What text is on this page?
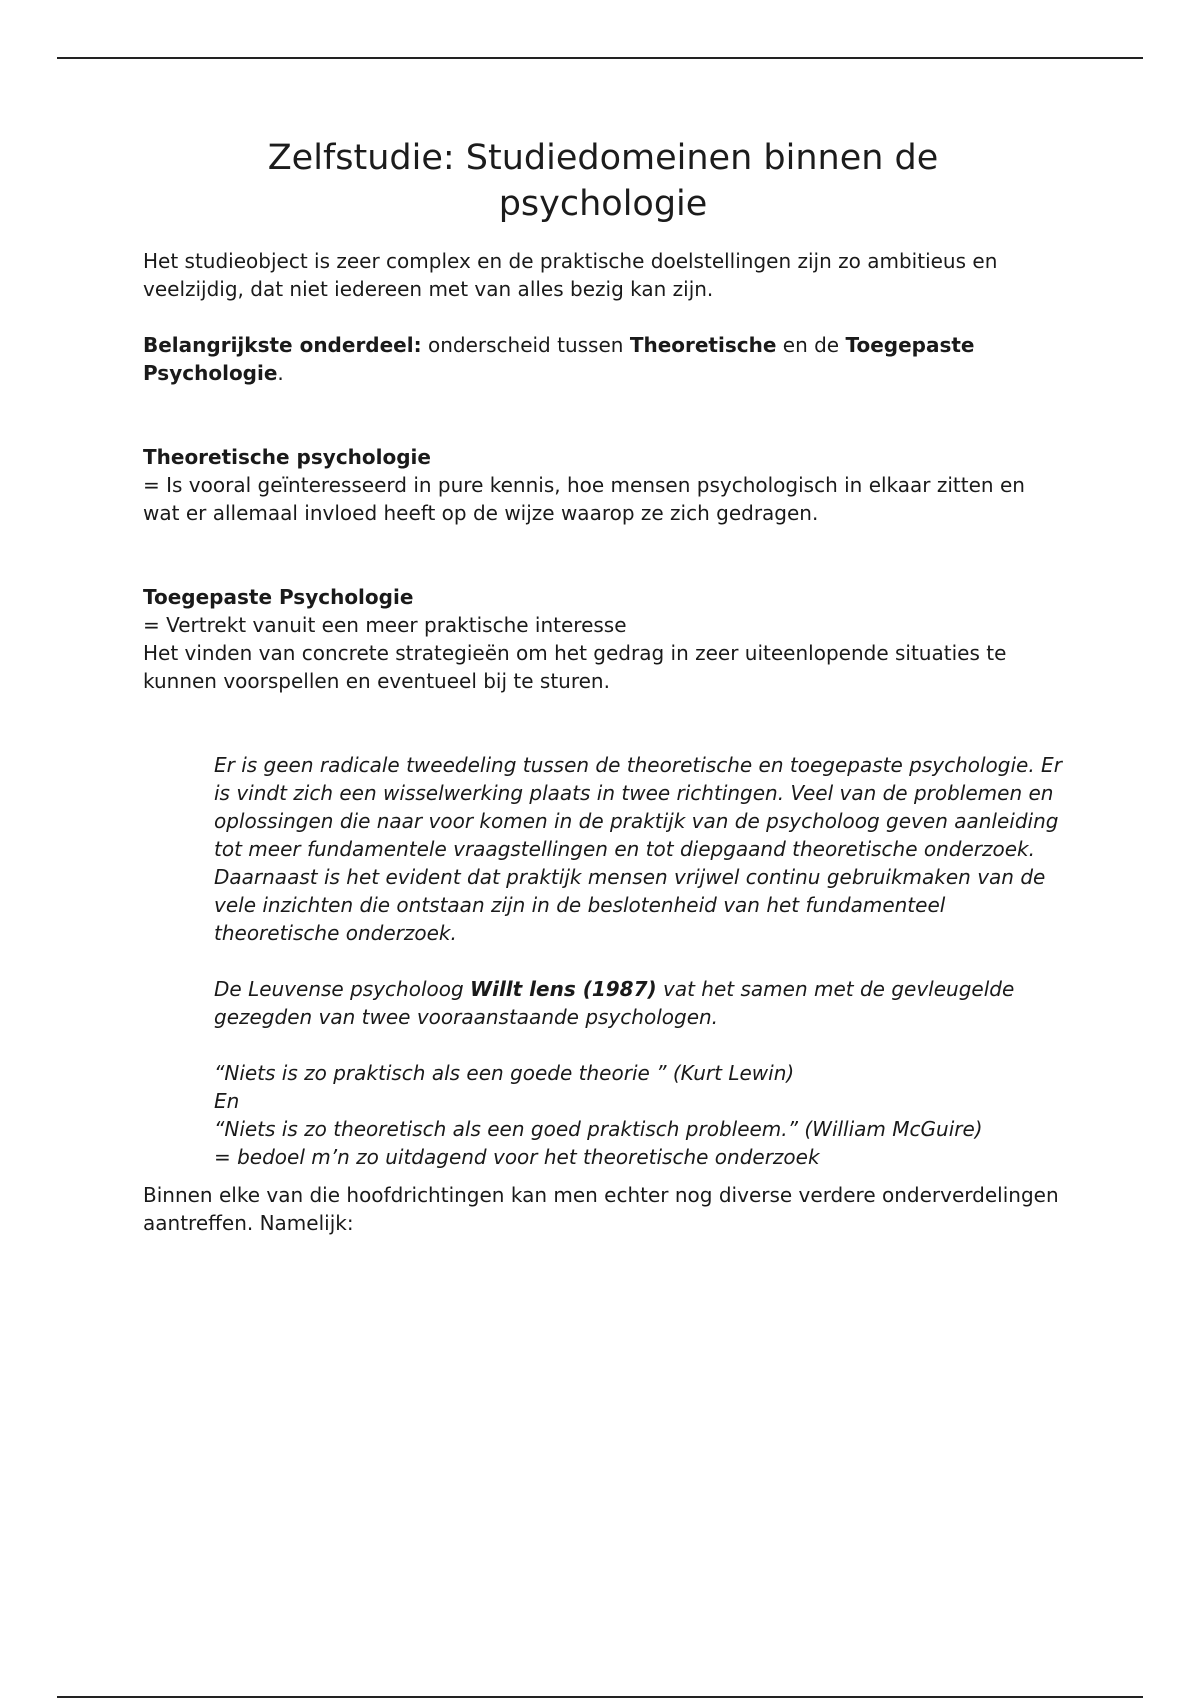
Zelfstudie: Studiedomeinen binnen de psychologie

Het studieobject is zeer complex en de praktische doelstellingen zijn zo ambitieus en veelzijdig, dat niet iedereen met van alles bezig kan zijn.

Belangrijkste onderdeel: onderscheid tussen Theoretische en de Toegepaste Psychologie.

Theoretische psychologie

= Is vooral geïnteresseerd in pure kennis, hoe mensen psychologisch in elkaar zitten en wat er allemaal invloed heeft op de wijze waarop ze zich gedragen.

Toegepaste Psychologie

= Vertrekt vanuit een meer praktische interesse

Het vinden van concrete strategieën om het gedrag in zeer uiteenlopende situaties te kunnen voorspellen en eventueel bij te sturen.

Er is geen radicale tweedeling tussen de theoretische en toegepaste psychologie. Er is vindt zich een wisselwerking plaats in twee richtingen. Veel van de problemen en oplossingen die naar voor komen in de praktijk van de psycholoog geven aanleiding tot meer fundamentele vraagstellingen en tot diepgaand theoretische onderzoek. Daarnaast is het evident dat praktijk mensen vrijwel continu gebruikmaken van de vele inzichten die ontstaan zijn in de beslotenheid van het fundamenteel theoretische onderzoek.

De Leuvense psycholoog Willt lens (1987) vat het samen met de gevleugelde gezegden van twee vooraanstaande psychologen.

“Niets is zo praktisch als een goede theorie ” (Kurt Lewin)

En

“Niets is zo theoretisch als een goed praktisch probleem.” (William McGuire)

= bedoel m’n zo uitdagend voor het theoretische onderzoek

Binnen elke van die hoofdrichtingen kan men echter nog diverse verdere onderverdelingen aantreffen. Namelijk:
